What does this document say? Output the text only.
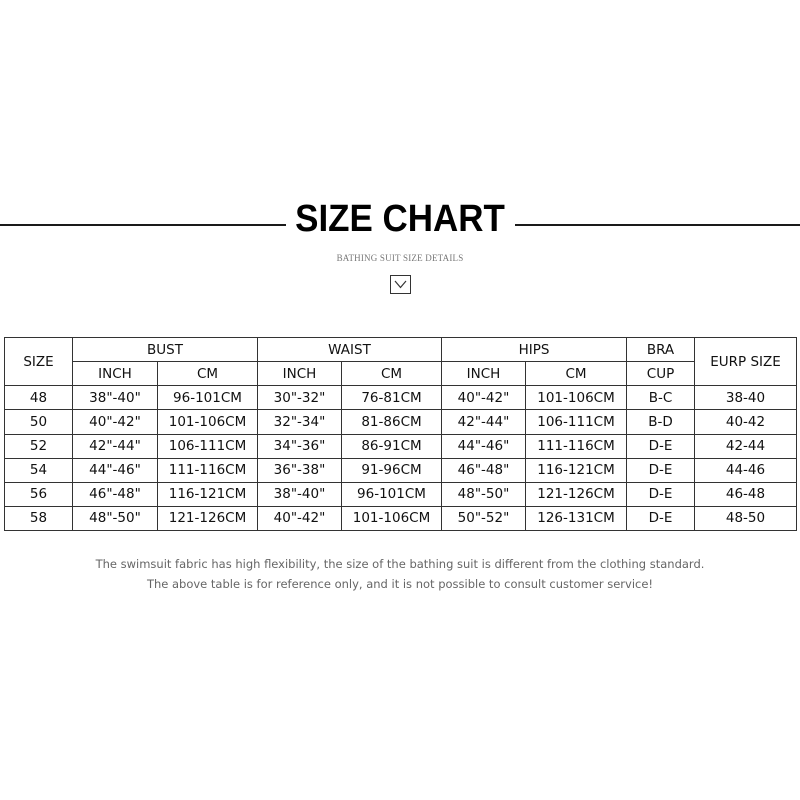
SIZE CHART
BATHING SUIT SIZE DETAILS
SIZE	BUST		WAIST		HIPS		BRA	EURP SIZE
	INCH	CM	INCH	CM	INCH	CM	CUP	
48	38"-40"	96-101CM	30"-32"	76-81CM	40"-42"	101-106CM	B-C	38-40
50	40"-42"	101-106CM	32"-34"	81-86CM	42"-44"	106-111CM	B-D	40-42
52	42"-44"	106-111CM	34"-36"	86-91CM	44"-46"	111-116CM	D-E	42-44
54	44"-46"	111-116CM	36"-38"	91-96CM	46"-48"	116-121CM	D-E	44-46
56	46"-48"	116-121CM	38"-40"	96-101CM	48"-50"	121-126CM	D-E	46-48
58	48"-50"	121-126CM	40"-42"	101-106CM	50"-52"	126-131CM	D-E	48-50
The swimsuit fabric has high flexibility, the size of the bathing suit is different from the clothing standard.
The above table is for reference only, and it is not possible to consult customer service!
